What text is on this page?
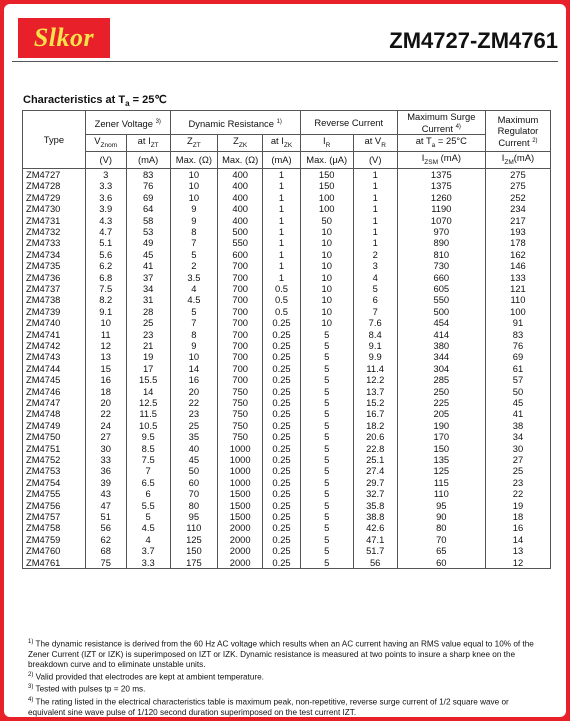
Slkor	ZM4727-ZM4761
Characteristics at $T_a$ = 25℃
Type	Zener Voltage $^{3)}$		Dynamic Resistance $^{1)}$			Reverse Current		Maximum Surge Current $^{4)}$	Maximum Regulator Current $^{2)}$
	$V_{Znom}$	at $I_{ZT}$	$Z_{ZT}$	$Z_{ZK}$	at $I_{ZK}$	$I_R$	at $V_R$	at $T_a = 25^\circ C$	
	(V)	(mA)	Max. (Ω)	Max. (Ω)	(mA)	Max. (μA)	(V)	$I_{ZSM}$ (mA)	$I_{ZM}(mA)$
ZM4727	3	83	10	400	1	150	1	1375	275
ZM4728	3.3	76	10	400	1	150	1	1375	275
ZM4729	3.6	69	10	400	1	100	1	1260	252
ZM4730	3.9	64	9	400	1	100	1	1190	234
ZM4731	4.3	58	9	400	1	50	1	1070	217
ZM4732	4.7	53	8	500	1	10	1	970	193
ZM4733	5.1	49	7	550	1	10	1	890	178
ZM4734	5.6	45	5	600	1	10	2	810	162
ZM4735	6.2	41	2	700	1	10	3	730	146
ZM4736	6.8	37	3.5	700	1	10	4	660	133
ZM4737	7.5	34	4	700	0.5	10	5	605	121
ZM4738	8.2	31	4.5	700	0.5	10	6	550	110
ZM4739	9.1	28	5	700	0.5	10	7	500	100
ZM4740	10	25	7	700	0.25	10	7.6	454	91
ZM4741	11	23	8	700	0.25	5	8.4	414	83
ZM4742	12	21	9	700	0.25	5	9.1	380	76
ZM4743	13	19	10	700	0.25	5	9.9	344	69
ZM4744	15	17	14	700	0.25	5	11.4	304	61
ZM4745	16	15.5	16	700	0.25	5	12.2	285	57
ZM4746	18	14	20	750	0.25	5	13.7	250	50
ZM4747	20	12.5	22	750	0.25	5	15.2	225	45
ZM4748	22	11.5	23	750	0.25	5	16.7	205	41
ZM4749	24	10.5	25	750	0.25	5	18.2	190	38
ZM4750	27	9.5	35	750	0.25	5	20.6	170	34
ZM4751	30	8.5	40	1000	0.25	5	22.8	150	30
ZM4752	33	7.5	45	1000	0.25	5	25.1	135	27
ZM4753	36	7	50	1000	0.25	5	27.4	125	25
ZM4754	39	6.5	60	1000	0.25	5	29.7	115	23
ZM4755	43	6	70	1500	0.25	5	32.7	110	22
ZM4756	47	5.5	80	1500	0.25	5	35.8	95	19
ZM4757	51	5	95	1500	0.25	5	38.8	90	18
ZM4758	56	4.5	110	2000	0.25	5	42.6	80	16
ZM4759	62	4	125	2000	0.25	5	47.1	70	14
ZM4760	68	3.7	150	2000	0.25	5	51.7	65	13
ZM4761	75	3.3	175	2000	0.25	5	56	60	12

$^{1)}$ The dynamic resistance is derived from the 60 Hz AC voltage which results when an AC current having an RMS value equal to 10% of the Zener Current (IZT or IZK) is superimposed on IZT or IZK. Dynamic resistance is measured at two points to insure a sharp knee on the breakdown curve and to eliminate unstable units.

$^{2)}$ Valid provided that electrodes are kept at ambient temperature.

$^{3)}$ Tested with pulses tp = 20 ms.

$^{4)}$ The rating listed in the electrical characteristics table is maximum peak, non-repetitive, reverse surge current of 1/2 square wave or equivalent sine wave pulse of 1/120 second duration superimposed on the test current IZT.
